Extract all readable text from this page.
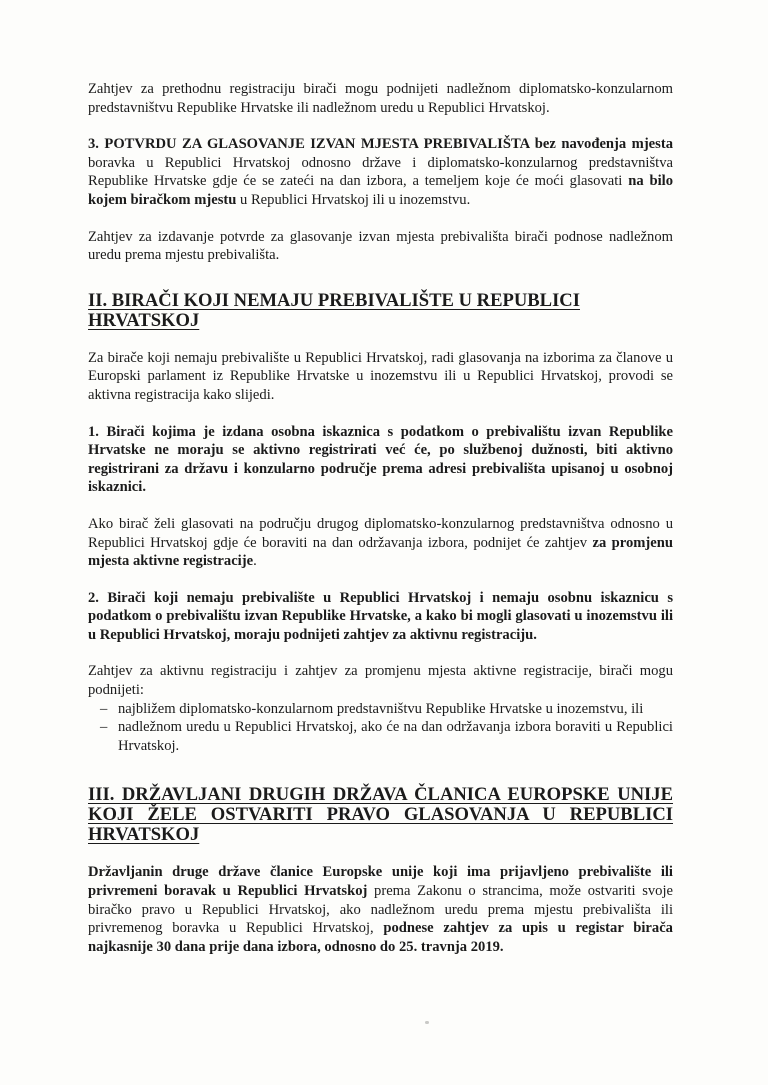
Zahtjev za prethodnu registraciju birači mogu podnijeti nadležnom diplomatsko-konzularnom predstavništvu Republike Hrvatske ili nadležnom uredu u Republici Hrvatskoj.

3. POTVRDU ZA GLASOVANJE IZVAN MJESTA PREBIVALIŠTA bez navođenja mjesta boravka u Republici Hrvatskoj odnosno države i diplomatsko-konzularnog predstavništva Republike Hrvatske gdje će se zateći na dan izbora, a temeljem koje će moći glasovati na bilo kojem biračkom mjestu u Republici Hrvatskoj ili u inozemstvu.

Zahtjev za izdavanje potvrde za glasovanje izvan mjesta prebivališta birači podnose nadležnom uredu prema mjestu prebivališta.

II. BIRAČI KOJI NEMAJU PREBIVALIŠTE U REPUBLICI HRVATSKOJ

Za birače koji nemaju prebivalište u Republici Hrvatskoj, radi glasovanja na izborima za članove u Europski parlament iz Republike Hrvatske u inozemstvu ili u Republici Hrvatskoj, provodi se aktivna registracija kako slijedi.

1. Birači kojima je izdana osobna iskaznica s podatkom o prebivalištu izvan Republike Hrvatske ne moraju se aktivno registrirati već će, po službenoj dužnosti, biti aktivno registrirani za državu i konzularno područje prema adresi prebivališta upisanoj u osobnoj iskaznici.

Ako birač želi glasovati na području drugog diplomatsko-konzularnog predstavništva odnosno u Republici Hrvatskoj gdje će boraviti na dan održavanja izbora, podnijet će zahtjev za promjenu mjesta aktivne registracije.

2. Birači koji nemaju prebivalište u Republici Hrvatskoj i nemaju osobnu iskaznicu s podatkom o prebivalištu izvan Republike Hrvatske, a kako bi mogli glasovati u inozemstvu ili u Republici Hrvatskoj, moraju podnijeti zahtjev za aktivnu registraciju.

Zahtjev za aktivnu registraciju i zahtjev za promjenu mjesta aktivne registracije, birači mogu podnijeti:

– najbližem diplomatsko-konzularnom predstavništvu Republike Hrvatske u inozemstvu, ili
– nadležnom uredu u Republici Hrvatskoj, ako će na dan održavanja izbora boraviti u Republici Hrvatskoj.
III. DRŽAVLJANI DRUGIH DRŽAVA ČLANICA EUROPSKE UNIJE KOJI ŽELE OSTVARITI PRAVO GLASOVANJA U REPUBLICI HRVATSKOJ

Državljanin druge države članice Europske unije koji ima prijavljeno prebivalište ili privremeni boravak u Republici Hrvatskoj prema Zakonu o strancima, može ostvariti svoje biračko pravo u Republici Hrvatskoj, ako nadležnom uredu prema mjestu prebivališta ili privremenog boravka u Republici Hrvatskoj, podnese zahtjev za upis u registar birača najkasnije 30 dana prije dana izbora, odnosno do 25. travnja 2019.
